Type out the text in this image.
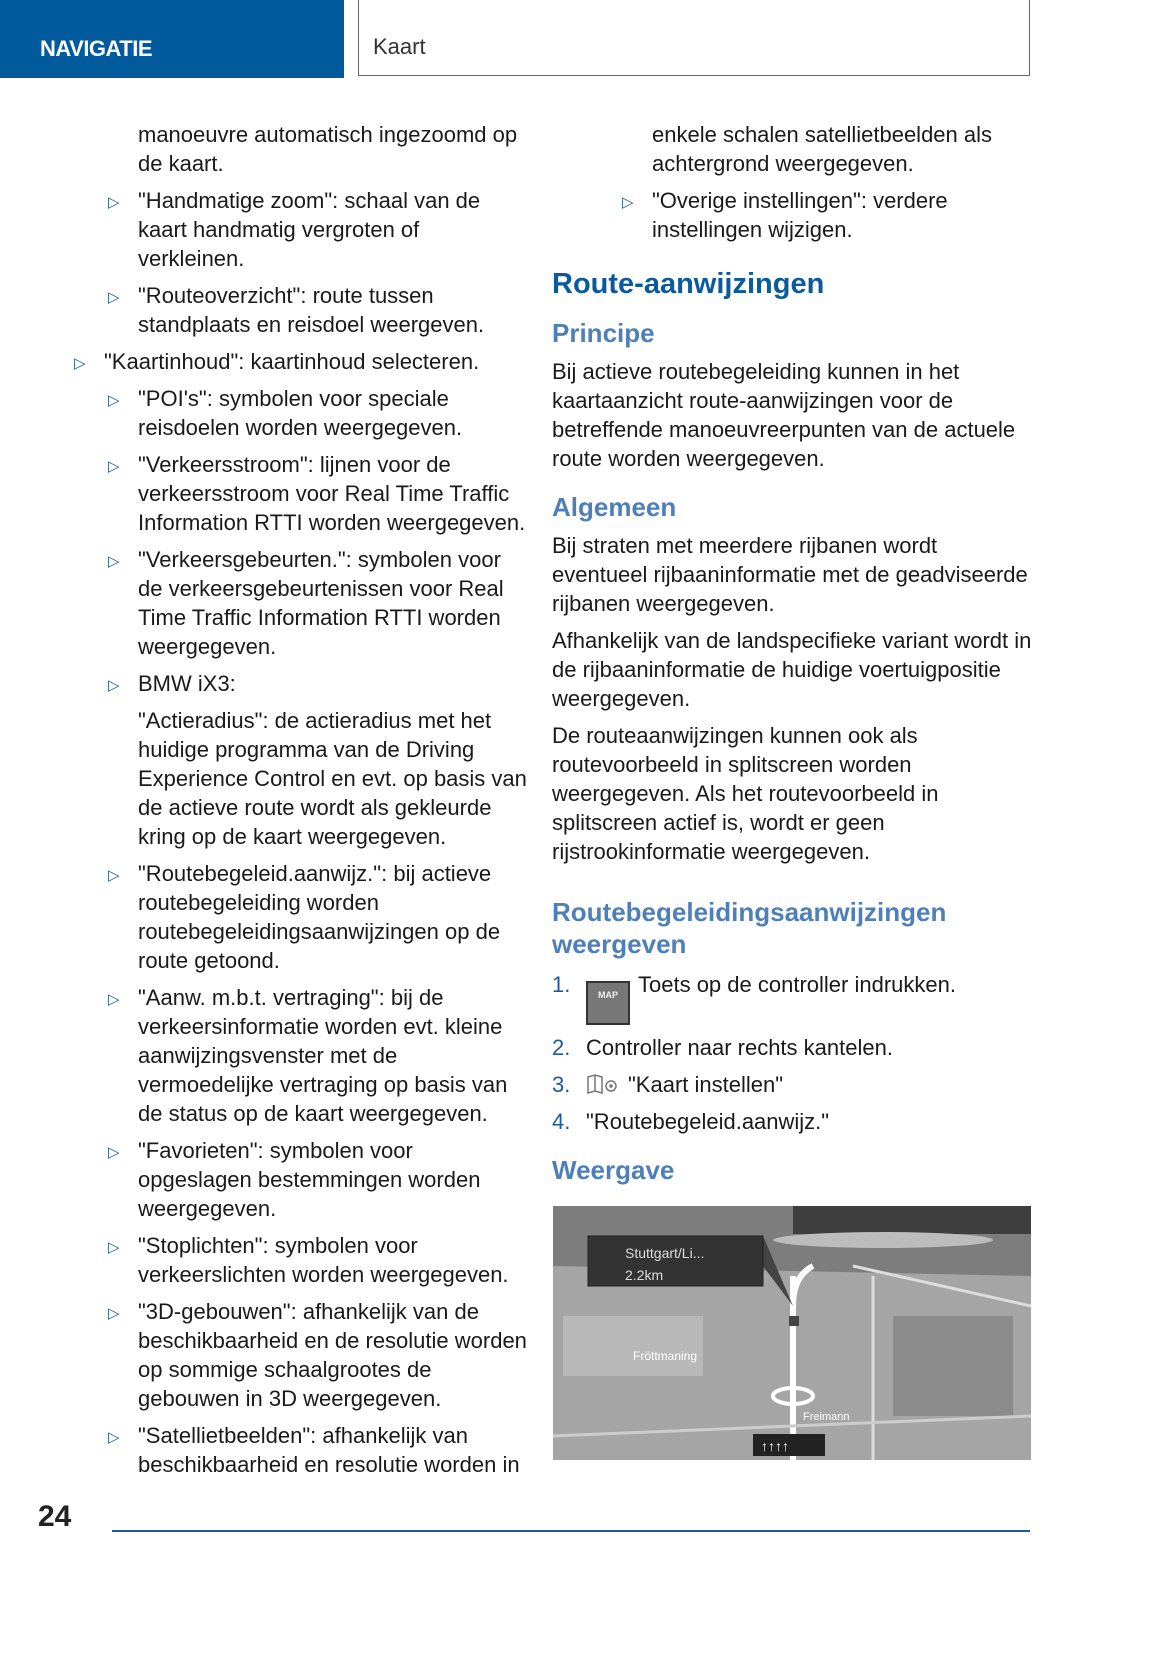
NAVIGATIE	Kaart
manoeuvre automatisch ingezoomd op de kaart.
▷ "Handmatige zoom": schaal van de kaart handmatig vergroten of verkleinen.
▷ "Routeoverzicht": route tussen standplaats en reisdoel weergeven.
▷ "Kaartinhoud": kaartinhoud selecteren.
▷ "POI's": symbolen voor speciale reisdoelen worden weergegeven.
▷ "Verkeersstroom": lijnen voor de verkeersstroom voor Real Time Traffic Information RTTI worden weergegeven.
▷ "Verkeersgebeurten.": symbolen voor de verkeersgebeurtenissen voor Real Time Traffic Information RTTI worden weergegeven.
▷ BMW iX3:
"Actieradius": de actieradius met het huidige programma van de Driving Experience Control en evt. op basis van de actieve route wordt als gekleurde kring op de kaart weergegeven.
▷ "Routebegeleid.aanwijz.": bij actieve routebegeleiding worden routebegeleidingsaanwijzingen op de route getoond.
▷ "Aanw. m.b.t. vertraging": bij de verkeersinformatie worden evt. kleine aanwijzingsvenster met de vermoedelijke vertraging op basis van de status op de kaart weergegeven.
▷ "Favorieten": symbolen voor opgeslagen bestemmingen worden weergegeven.
▷ "Stoplichten": symbolen voor verkeerslichten worden weergegeven.
▷ "3D-gebouwen": afhankelijk van de beschikbaarheid en de resolutie worden op sommige schaalgrootes de gebouwen in 3D weergegeven.
▷ "Satellietbeelden": afhankelijk van beschikbaarheid en resolutie worden in
enkele schalen satellietbeelden als achtergrond weergegeven.
▷ "Overige instellingen": verdere instellingen wijzigen.
Route-aanwijzingen
Principe
Bij actieve routebegeleiding kunnen in het kaartaanzicht route-aanwijzingen voor de betreffende manoeuvreerpunten van de actuele route worden weergegeven.
Algemeen
Bij straten met meerdere rijbanen wordt eventueel rijbaaninformatie met de geadviseerde rijbanen weergegeven.
Afhankelijk van de landspecifieke variant wordt in de rijbaaninformatie de huidige voertuigpositie weergegeven.
De routeaanwijzingen kunnen ook als routevoorbeeld in splitscreen worden weergegeven. Als het routevoorbeeld in splitscreen actief is, wordt er geen rijstrookinformatie weergegeven.
Routebegeleidingsaanwijzingen weergeven
1.	MAP Toets op de controller indrukken.
2. Controller naar rechts kantelen.
3.	"Kaart instellen"
4. "Routebegeleid.aanwijz."
Weergave
Stuttgart/Li...
2.2km
↑↑↑↑
Fröttmaning
Freimann
24
